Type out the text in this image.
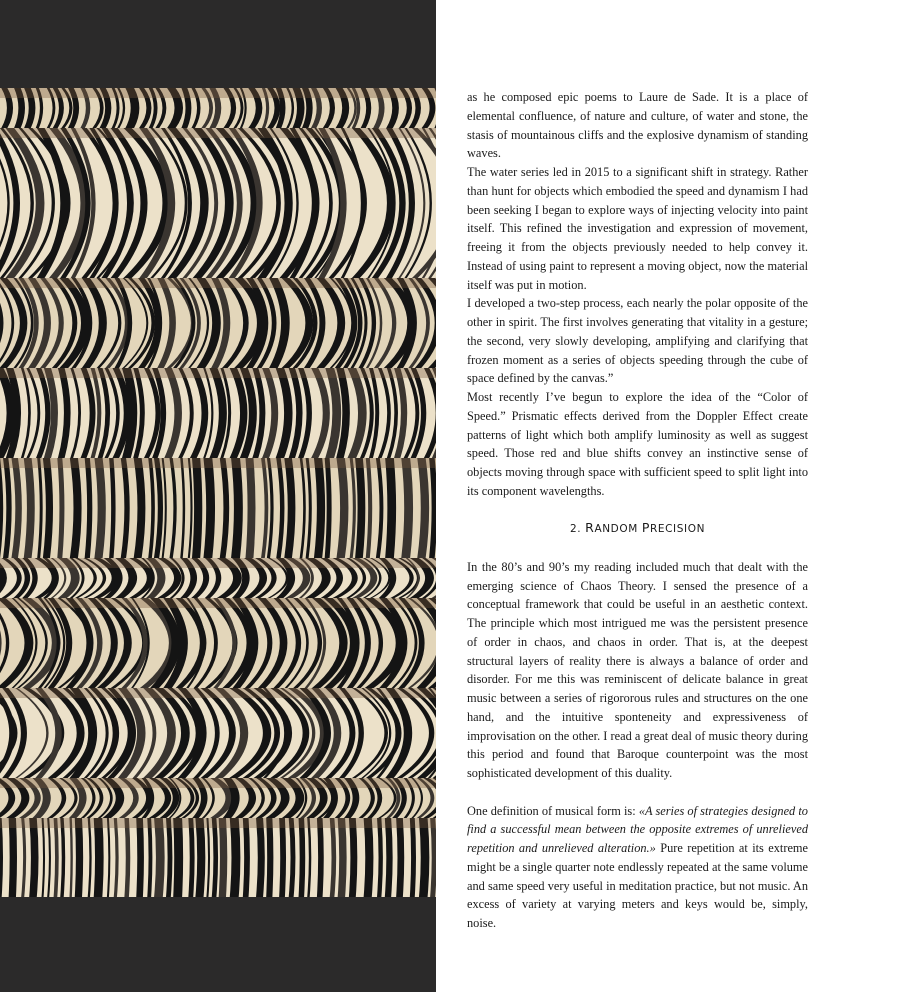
as he composed epic poems to Laure de Sade. It is a place of elemental confluence, of nature and culture, of water and stone, the stasis of mountainous cliffs and the explosive dynamism of standing waves.

The water series led in 2015 to a significant shift in strategy. Rather than hunt for objects which embodied the speed and dynamism I had been seeking I began to explore ways of injecting velocity into paint itself. This refined the investigation and expression of movement, freeing it from the objects previously needed to help convey it. Instead of using paint to represent a moving object, now the material itself was put in motion.

I developed a two-step process, each nearly the polar opposite of the other in spirit. The first involves generating that vitality in a gesture; the second, very slowly developing, amplifying and clarifying that frozen moment as a series of objects speeding through the cube of space defined by the canvas.”

Most recently I’ve begun to explore the idea of the “Color of Speed.” Prismatic effects derived from the Doppler Effect create patterns of light which both amplify luminosity as well as suggest speed. Those red and blue shifts convey an instinctive sense of objects moving through space with sufficient speed to split light into its component wavelengths.

2. RANDOM PRECISION

In the 80’s and 90’s my reading included much that dealt with the emerging science of Chaos Theory. I sensed the presence of a conceptual framework that could be useful in an aesthetic context. The principle which most intrigued me was the persistent presence of order in chaos, and chaos in order. That is, at the deepest structural layers of reality there is always a balance of order and disorder. For me this was reminiscent of delicate balance in great music between a series of rigororous rules and structures on the one hand, and the intuitive sponteneity and expressiveness of improvisation on the other. I read a great deal of music theory during this period and found that Baroque counterpoint was the most sophisticated development of this duality.

One definition of musical form is: «A series of strategies designed to find a successful mean between the opposite extremes of unrelieved repetition and unrelieved alteration.» Pure repetition at its extreme might be a single quarter note endlessly repeated at the same volume and same speed very useful in meditation practice, but not music. An excess of variety at varying meters and keys would be, simply, noise.
